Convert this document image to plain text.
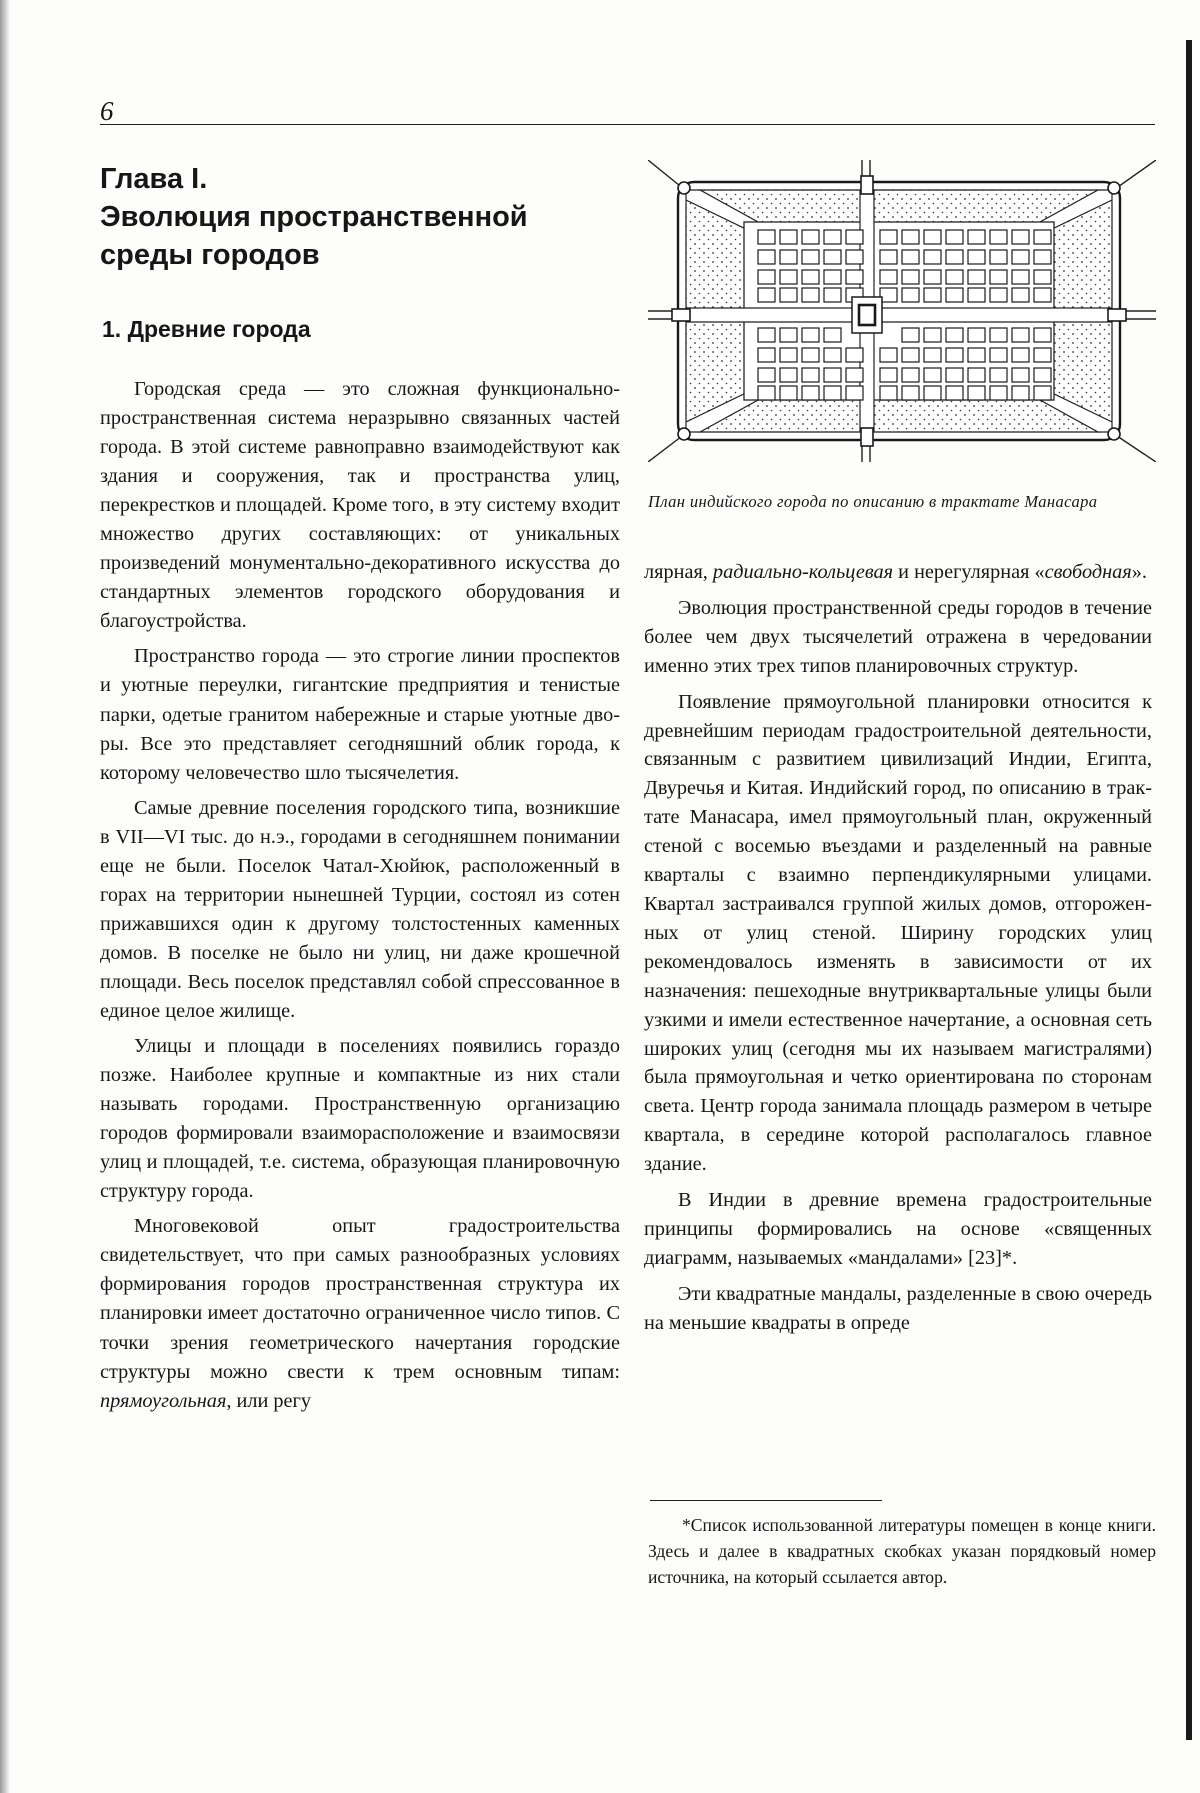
6
Глава I.
Эволюция пространственной
среды городов
1. Древние города

Городская среда — это сложная функционально-пространственная система неразрывно связанных частей города. В этой системе равноправно взаимодействуют как здания и сооружения, так и пространства улиц, перекрестков и площадей. Кроме того, в эту систему входит множество других составляющих: от уникальных произведений монументально-декоративного искусства до стандартных элементов городского оборудования и благоустройства.

Пространство города — это строгие линии проспектов и уютные переулки, гигантские предприятия и тенистые парки, одетые гранитом набережные и старые уютные дворы. Все это представляет сегодняшний облик города, к которому человечество шло тысячелетия.

Самые древние поселения городского типа, возникшие в VII—VI тыс. до н.э., городами в сегодняшнем понимании еще не были. Поселок Чатал-Хюйюк, расположенный в горах на территории нынешней Турции, состоял из сотен прижавшихся один к другому толстостенных каменных домов. В поселке не было ни улиц, ни даже крошечной площади. Весь поселок представлял собой спрессованное в единое целое жилище.

Улицы и площади в поселениях появились гораздо позже. Наиболее крупные и компактные из них стали называть городами. Пространственную организацию городов формировали взаиморасположение и взаимосвязи улиц и площадей, т.е. система, образующая планировочную структуру города.

Многовековой опыт градостроительства свидетельствует, что при самых разнообразных условиях формирования городов пространственная структура их планировки имеет достаточно ограниченное число типов. С точки зрения геометрического начертания городские структуры можно свести к трем основным типам: прямоугольная, или регу

План индийского города по описанию в трактате Манасара

лярная, радиально-кольцевая и нерегулярная «свободная».

Эволюция пространственной среды городов в течение более чем двух тысячелетий отражена в чередовании именно этих трех типов планировочных структур.

Появление прямоугольной планировки относится к древнейшим периодам градостроительной деятельности, связанным с развитием цивилизаций Индии, Египта, Двуречья и Китая. Индийский город, по описанию в трактате Манасара, имел прямоугольный план, окруженный стеной с восемью въездами и разделенный на равные кварталы с взаимно перпендикулярными улицами. Квартал застраивался группой жилых домов, отгороженных от улиц стеной. Ширину городских улиц рекомендовалось изменять в зависимости от их назначения: пешеходные внутриквартальные улицы были узкими и имели естественное начертание, а основная сеть широких улиц (сегодня мы их называем магистралями) была прямоугольная и четко ориентирована по сторонам света. Центр города занимала площадь размером в четыре квартала, в середине которой располагалось главное здание.

В Индии в древние времена градостроительные принципы формировались на основе «священных диаграмм, называемых «мандалами» [23]*.

Эти квадратные мандалы, разделенные в свою очередь на меньшие квадраты в опреде

*Список использованной литературы помещен в конце книги. Здесь и далее в квадратных скобках указан порядковый номер источника, на который ссылается автор.
